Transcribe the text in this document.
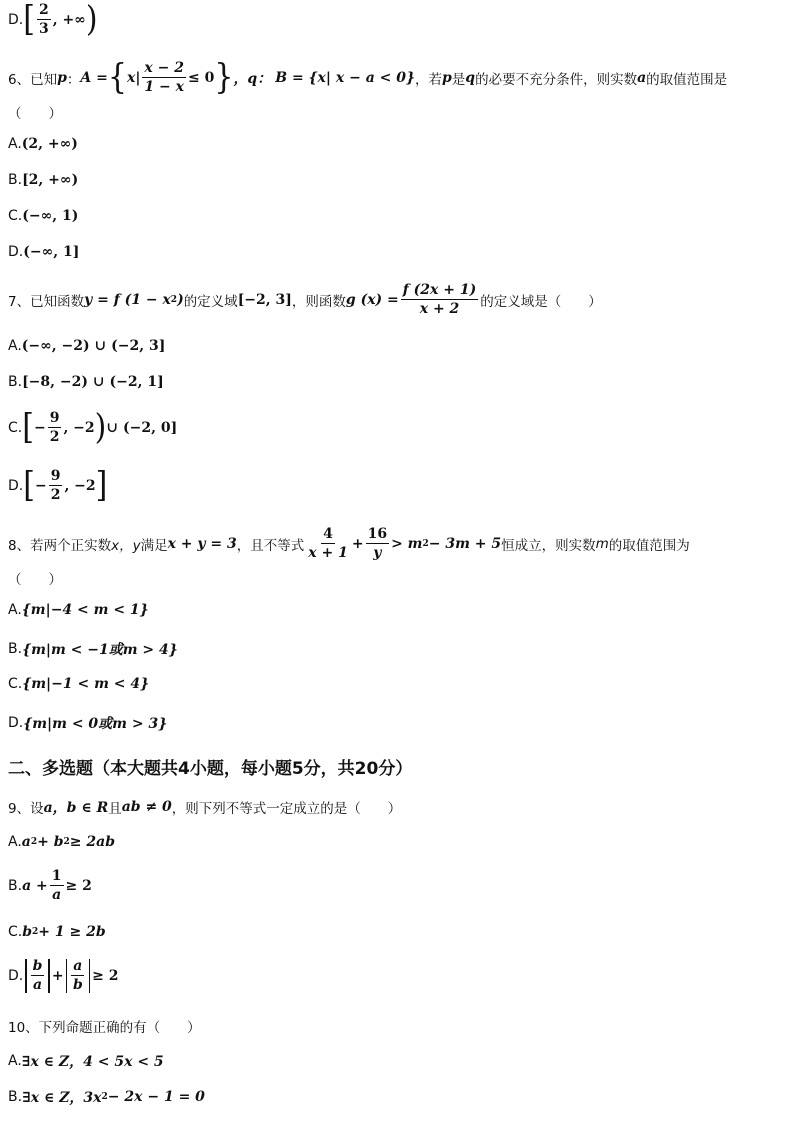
D. [ $\frac{2}{3}$ , +∞ )
6、已知 p ： A = { x | $\frac{x - 2}{1 - x} \le 0$ } ，q： B = {x| x − a < 0} ，若 p 是 q 的必要不充分条件，则实数 a 的取值范围是
（　　）
A. (2, +∞)
B. [2, +∞)
C. (−∞, 1)
D. (−∞, 1]
7、已知函数 y = f (1 − x 2 ) 的定义域 [−2, 3] ，则函数 g $(x) = \frac{f (2x + 1)}{x + 2}$ 的定义域是（　　）
A. (−∞, −2) ∪ (−2, 3]
B. [−8, −2) ∪ (−2, 1]
C. [ − $\frac{9}{2}$ , −2 ) ∪ (−2, 0]
D. [ − $\frac{9}{2}$ , −2 ]
8、若两个正实数 x，y 满足 x + y = 3 ，且不等式 $\frac{4}{x + 1} + \frac{16}{y} > m$ 2 − 3m + 5 恒成立，则实数 m 的取值范围为
（　　）
A. {m|−4 < m < 1}
B. {m|m < −1或m > 4}
C. {m|−1 < m < 4}
D. {m|m < 0或m > 3}
二、多选题（本大题共4小题，每小题5分，共20分）
9、设 a，b ∈ R 且 ab ≠ 0 ，则下列不等式一定成立的是（　　）
A. a 2 + b 2 ≥ 2ab
B. $a + \frac{1}{a} \ge 2$
C. b 2 + 1 ≥ 2b
D. $\frac{b}{a} + \frac{a}{b} \ge 2$
10、下列命题正确的有（　　）
A. ∃x ∈ Z，4 < 5x < 5
B. ∃x ∈ Z，3x 2 − 2x − 1 = 0
